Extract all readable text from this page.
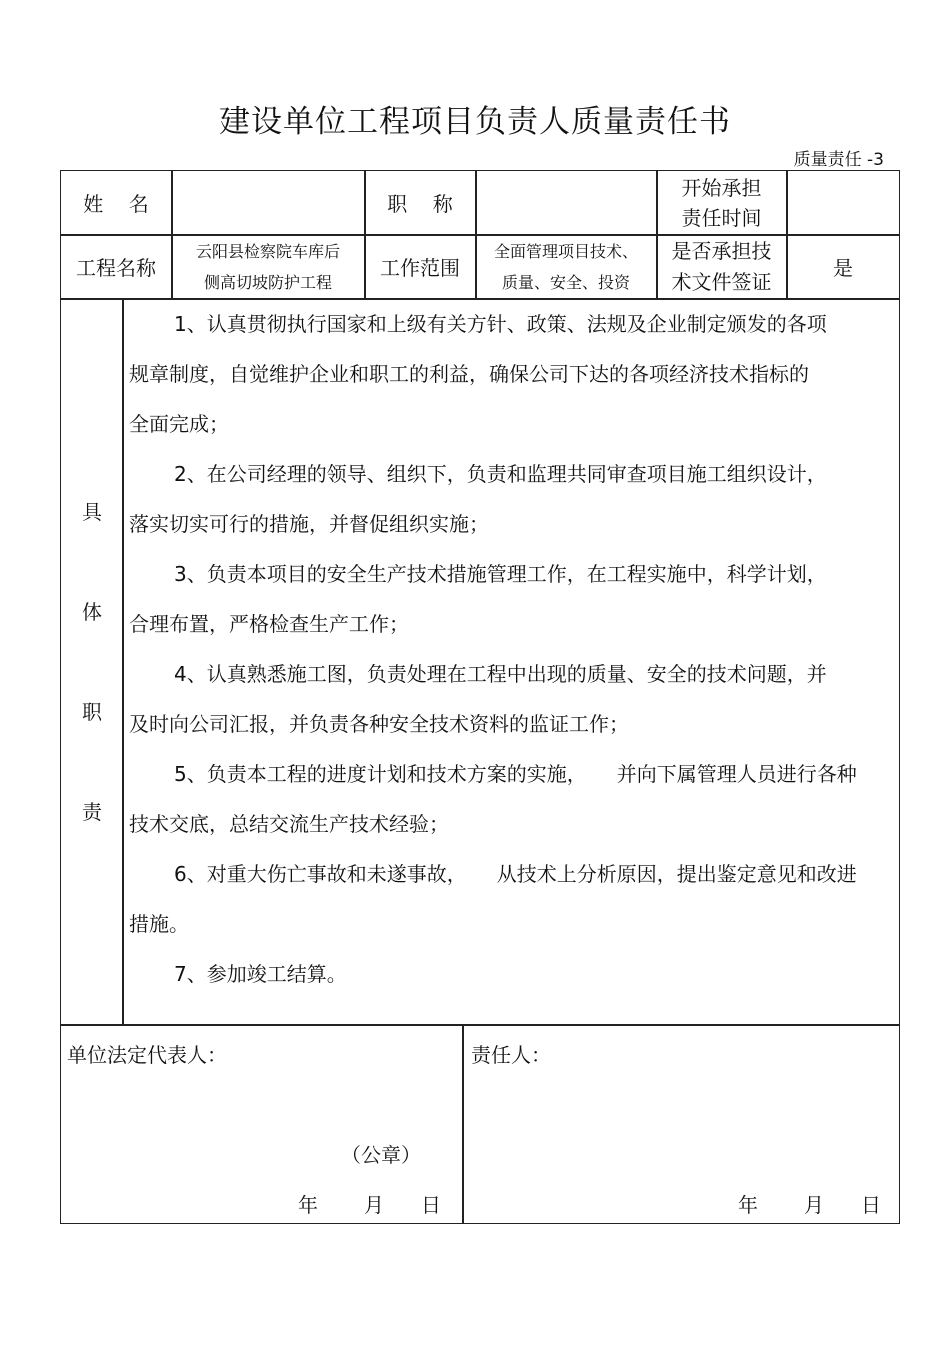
建设单位工程项目负责人质量责任书
质量责任 -3
姓    名	职    称
开始承担
责任时间
工程名称
云阳县检察院车库后
侧高切坡防护工程
工作范围
全面管理项目技术、
质量、安全、投资
是否承担技
术文件签证
是
具
体
职
责
1、认真贯彻执行国家和上级有关方针、政策、法规及企业制定颁发的各项
规章制度，自觉维护企业和职工的利益，确保公司下达的各项经济技术指标的
全面完成；
2、在公司经理的领导、组织下，负责和监理共同审查项目施工组织设计，
落实切实可行的措施，并督促组织实施；
3、负责本项目的安全生产技术措施管理工作，在工程实施中，科学计划，
合理布置，严格检查生产工作；
4、认真熟悉施工图，负责处理在工程中出现的质量、安全的技术问题，并
及时向公司汇报，并负责各种安全技术资料的监证工作；
5、负责本工程的进度计划和技术方案的实施，　　并向下属管理人员进行各种
技术交底，总结交流生产技术经验；
6、对重大伤亡事故和未遂事故，　　从技术上分析原因，提出鉴定意见和改进
措施。
7、参加竣工结算。
单位法定代表人：
（公章）
年 月 日
责任人：
年 月 日
